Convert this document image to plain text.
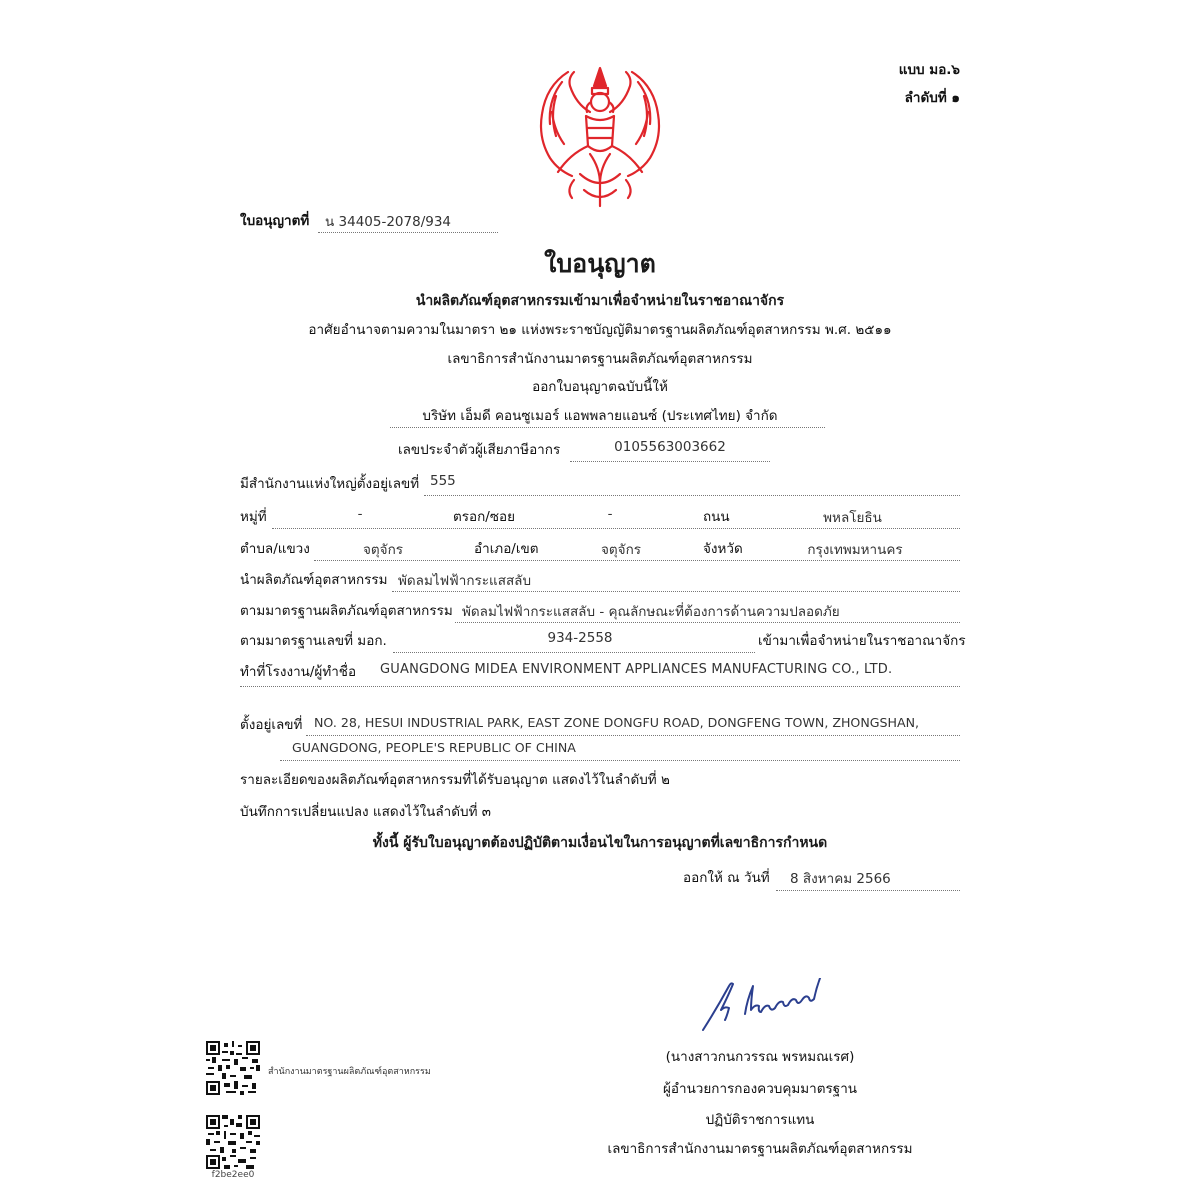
แบบ มอ.๖
ลำดับที่ ๑
ใบอนุญาตที่ น 34405-2078/934
ใบอนุญาต
นำผลิตภัณฑ์อุตสาหกรรมเข้ามาเพื่อจำหน่ายในราชอาณาจักร
อาศัยอำนาจตามความในมาตรา ๒๑ แห่งพระราชบัญญัติมาตรฐานผลิตภัณฑ์อุตสาหกรรม พ.ศ. ๒๕๑๑
เลขาธิการสำนักงานมาตรฐานผลิตภัณฑ์อุตสาหกรรม
ออกใบอนุญาตฉบับนี้ให้
บริษัท เอ็มดี คอนซูเมอร์ แอพพลายแอนซ์ (ประเทศไทย) จำกัด
เลขประจำตัวผู้เสียภาษีอากร	0105563003662
มีสำนักงานแห่งใหญ่ตั้งอยู่เลขที่ 555
หมู่ที่	-	ตรอก/ซอย	-	ถนน	พหลโยธิน
ตำบล/แขวง	จตุจักร	อำเภอ/เขต	จตุจักร	จังหวัด	กรุงเทพมหานคร
นำผลิตภัณฑ์อุตสาหกรรม พัดลมไฟฟ้ากระแสสลับ
ตามมาตรฐานผลิตภัณฑ์อุตสาหกรรม พัดลมไฟฟ้ากระแสสลับ - คุณลักษณะที่ต้องการด้านความปลอดภัย
ตามมาตรฐานเลขที่ มอก.	934-2558	เข้ามาเพื่อจำหน่ายในราชอาณาจักร
ทำที่โรงงาน/ผู้ทำชื่อ GUANGDONG MIDEA ENVIRONMENT APPLIANCES MANUFACTURING CO., LTD.
ตั้งอยู่เลขที่ NO. 28, HESUI INDUSTRIAL PARK, EAST ZONE DONGFU ROAD, DONGFENG TOWN, ZHONGSHAN,
GUANGDONG, PEOPLE'S REPUBLIC OF CHINA
รายละเอียดของผลิตภัณฑ์อุตสาหกรรมที่ได้รับอนุญาต แสดงไว้ในลำดับที่ ๒
บันทึกการเปลี่ยนแปลง แสดงไว้ในลำดับที่ ๓
ทั้งนี้ ผู้รับใบอนุญาตต้องปฏิบัติตามเงื่อนไขในการอนุญาตที่เลขาธิการกำหนด
ออกให้ ณ วันที่ 8 สิงหาคม 2566
(นางสาวกนกวรรณ พรหมณเรศ)
ผู้อำนวยการกองควบคุมมาตรฐาน
ปฏิบัติราชการแทน
เลขาธิการสำนักงานมาตรฐานผลิตภัณฑ์อุตสาหกรรม
สำนักงานมาตรฐานผลิตภัณฑ์อุตสาหกรรม
f2be2ee0
